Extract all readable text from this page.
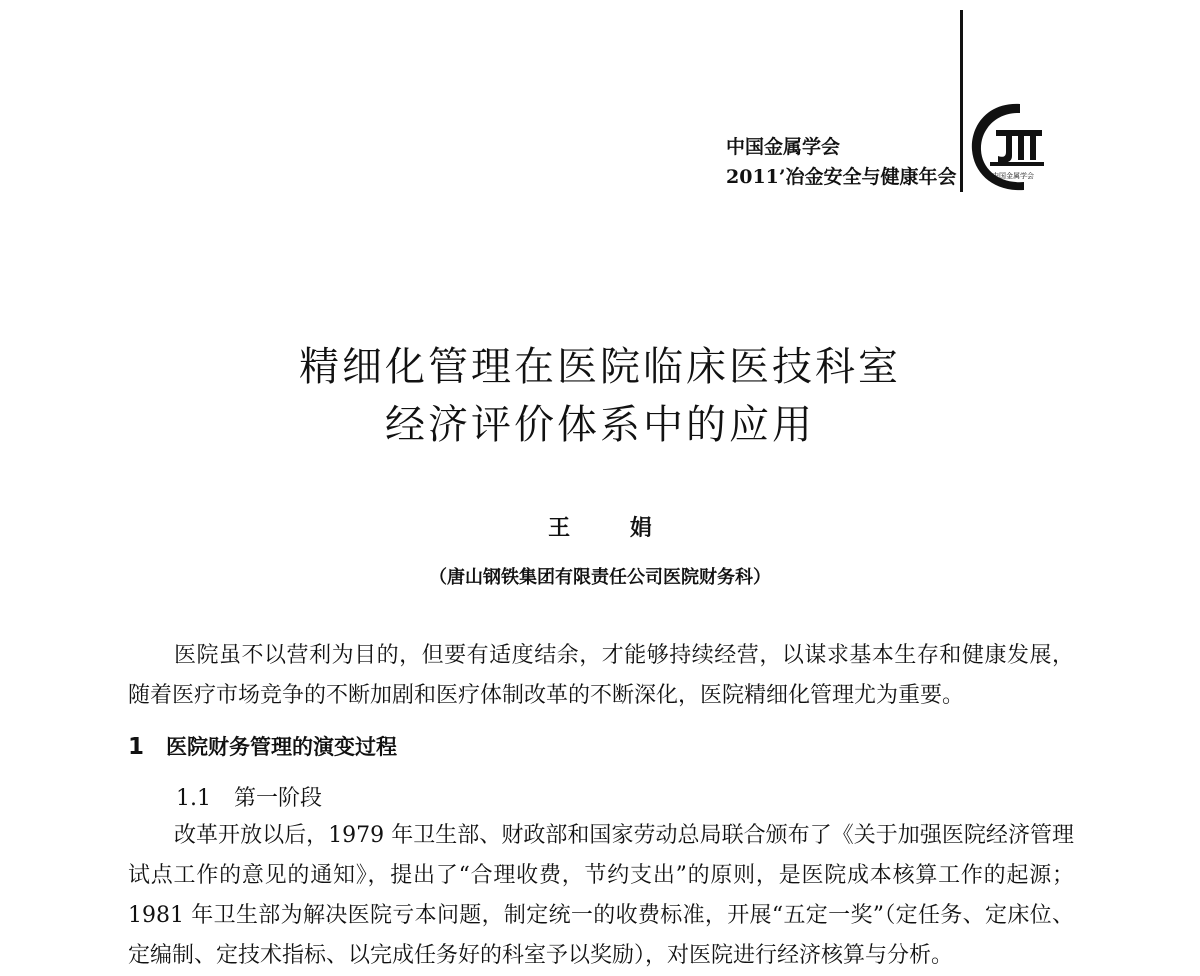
中国金属学会
2011’冶金安全与健康年会	中国金属学会
精细化管理在医院临床医技科室
经济评价体系中的应用
王 娟
（唐山钢铁集团有限责任公司医院财务科）
医院虽不以营利为目的，但要有适度结余，才能够持续经营，以谋求基本生存和健康发展，随着医疗市场竞争的不断加剧和医疗体制改革的不断深化，医院精细化管理尤为重要。
1 医院财务管理的演变过程
1.1 第一阶段
改革开放以后，1979 年卫生部、财政部和国家劳动总局联合颁布了《关于加强医院经济管理试点工作的意见的通知》，提出了“合理收费，节约支出”的原则，是医院成本核算工作的起源；1981 年卫生部为解决医院亏本问题，制定统一的收费标准，开展“五定一奖”（定任务、定床位、定编制、定技术指标、以完成任务好的科室予以奖励），对医院进行经济核算与分析。
